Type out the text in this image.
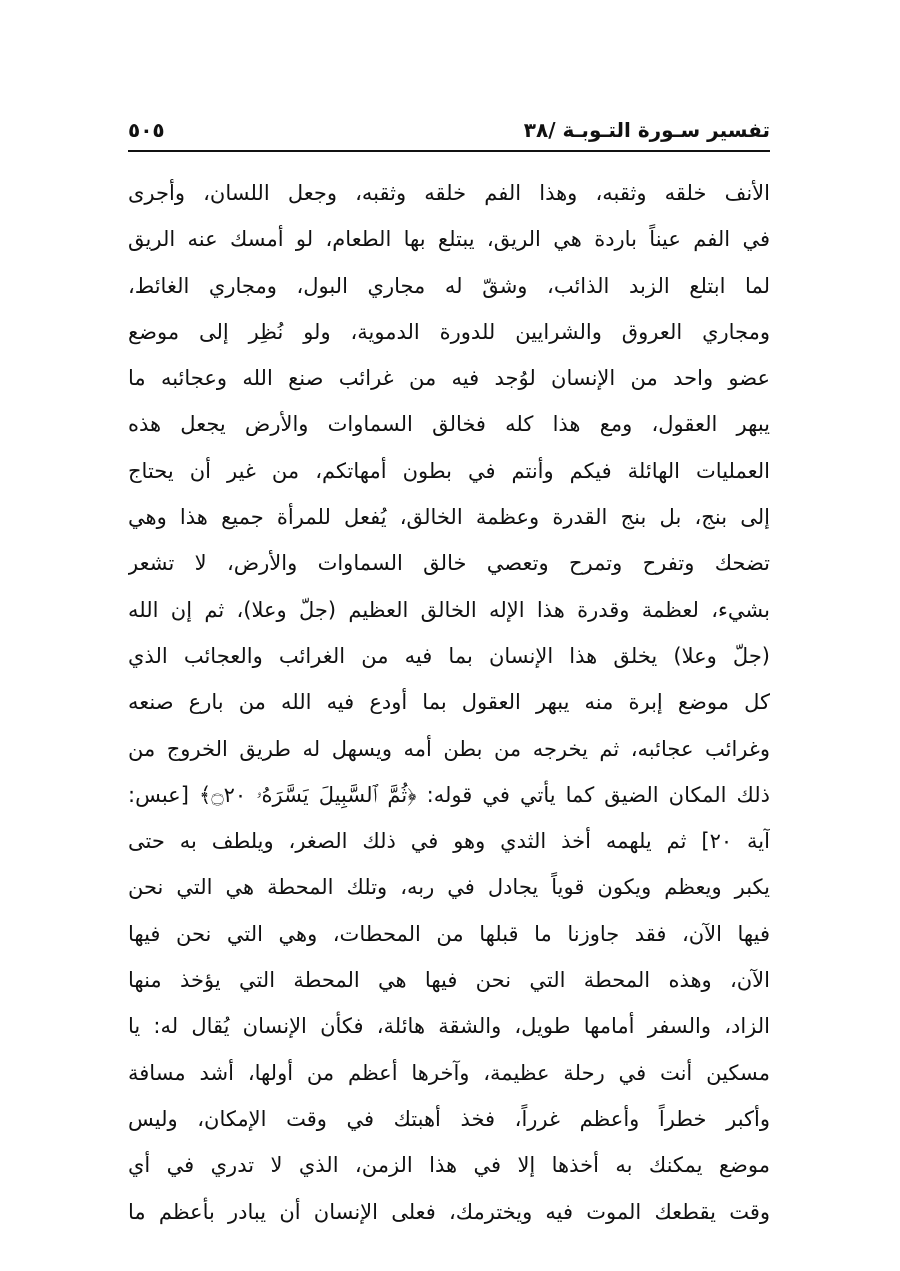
تفسير سـورة التـوبـة /٣٨
٥٠٥
الأنف خلقه وثقبه، وهذا الفم خلقه وثقبه، وجعل اللسان، وأجرى
في الفم عيناً باردة هي الريق، يبتلع بها الطعام، لو أمسك عنه الريق
لما ابتلع الزبد الذائب، وشقّ له مجاري البول، ومجاري الغائط،
ومجاري العروق والشرايين للدورة الدموية، ولو نُظِر إلى موضع
عضو واحد من الإنسان لوُجد فيه من غرائب صنع الله وعجائبه ما
يبهر العقول، ومع هذا كله فخالق السماوات والأرض يجعل هذه
العمليات الهائلة فيكم وأنتم في بطون أمهاتكم، من غير أن يحتاج
إلى بنج، بل بنج القدرة وعظمة الخالق، يُفعل للمرأة جميع هذا وهي
تضحك وتفرح وتمرح وتعصي خالق السماوات والأرض، لا تشعر
بشيء، لعظمة وقدرة هذا الإله الخالق العظيم (جلّ وعلا)، ثم إن الله
(جلّ وعلا) يخلق هذا الإنسان بما فيه من الغرائب والعجائب الذي
كل موضع إبرة منه يبهر العقول بما أودع فيه الله من بارع صنعه
وغرائب عجائبه، ثم يخرجه من بطن أمه ويسهل له طريق الخروج من
ذلك المكان الضيق كما يأتي في قوله: ﴿ثُمَّ ٱلسَّبِيلَ يَسَّرَهُۥ ۝٢٠﴾ [عبس:
آية ٢٠] ثم يلهمه أخذ الثدي وهو في ذلك الصغر، ويلطف به حتى
يكبر ويعظم ويكون قوياً يجادل في ربه، وتلك المحطة هي التي نحن
فيها الآن، فقد جاوزنا ما قبلها من المحطات، وهي التي نحن فيها
الآن، وهذه المحطة التي نحن فيها هي المحطة التي يؤخذ منها
الزاد، والسفر أمامها طويل، والشقة هائلة، فكأن الإنسان يُقال له: يا
مسكين أنت في رحلة عظيمة، وآخرها أعظم من أولها، أشد مسافة
وأكبر خطراً وأعظم غرراً، فخذ أهبتك في وقت الإمكان، وليس
موضع يمكنك به أخذها إلا في هذا الزمن، الذي لا تدري في أي
وقت يقطعك الموت فيه ويخترمك، فعلى الإنسان أن يبادر بأعظم ما
